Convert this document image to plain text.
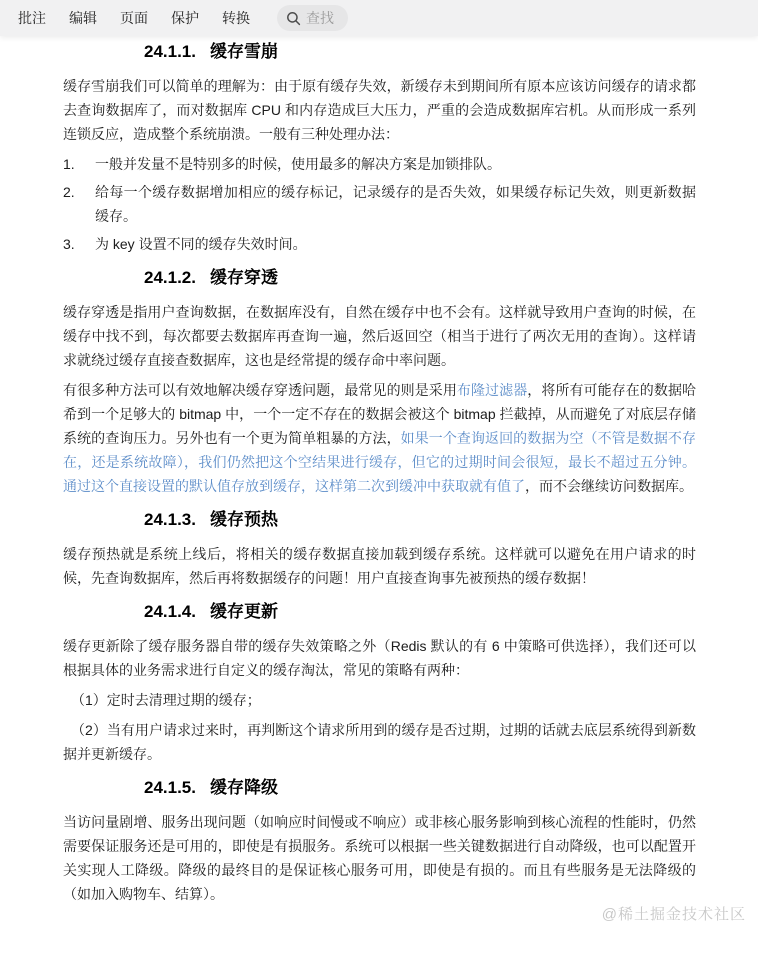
批注 编辑 页面 保护 转换	查找
24.1.1. 缓存雪崩

缓存雪崩我们可以简单的理解为：由于原有缓存失效，新缓存未到期间所有原本应该访问缓存的请求都去查询数据库了，而对数据库 CPU 和内存造成巨大压力，严重的会造成数据库宕机。从而形成一系列连锁反应，造成整个系统崩溃。一般有三种处理办法：

1.	一般并发量不是特别多的时候，使用最多的解决方案是加锁排队。
2.	给每一个缓存数据增加相应的缓存标记，记录缓存的是否失效，如果缓存标记失效，则更新数据缓存。
3.	为 key 设置不同的缓存失效时间。
24.1.2. 缓存穿透

缓存穿透是指用户查询数据，在数据库没有，自然在缓存中也不会有。这样就导致用户查询的时候，在缓存中找不到，每次都要去数据库再查询一遍，然后返回空（相当于进行了两次无用的查询）。这样请求就绕过缓存直接查数据库，这也是经常提的缓存命中率问题。

有很多种方法可以有效地解决缓存穿透问题，最常见的则是采用布隆过滤器，将所有可能存在的数据哈希到一个足够大的 bitmap 中，一个一定不存在的数据会被这个 bitmap 拦截掉，从而避免了对底层存储系统的查询压力。另外也有一个更为简单粗暴的方法，如果一个查询返回的数据为空（不管是数据不存在，还是系统故障），我们仍然把这个空结果进行缓存，但它的过期时间会很短，最长不超过五分钟。通过这个直接设置的默认值存放到缓存，这样第二次到缓冲中获取就有值了，而不会继续访问数据库。

24.1.3. 缓存预热

缓存预热就是系统上线后，将相关的缓存数据直接加载到缓存系统。这样就可以避免在用户请求的时候，先查询数据库，然后再将数据缓存的问题！用户直接查询事先被预热的缓存数据！

24.1.4. 缓存更新

缓存更新除了缓存服务器自带的缓存失效策略之外（Redis 默认的有 6 中策略可供选择），我们还可以根据具体的业务需求进行自定义的缓存淘汰，常见的策略有两种：

（1）定时去清理过期的缓存；

（2）当有用户请求过来时，再判断这个请求所用到的缓存是否过期，过期的话就去底层系统得到新数据并更新缓存。

24.1.5. 缓存降级

当访问量剧增、服务出现问题（如响应时间慢或不响应）或非核心服务影响到核心流程的性能时，仍然需要保证服务还是可用的，即使是有损服务。系统可以根据一些关键数据进行自动降级，也可以配置开关实现人工降级。降级的最终目的是保证核心服务可用，即使是有损的。而且有些服务是无法降级的（如加入购物车、结算）。

@稀土掘金技术社区
